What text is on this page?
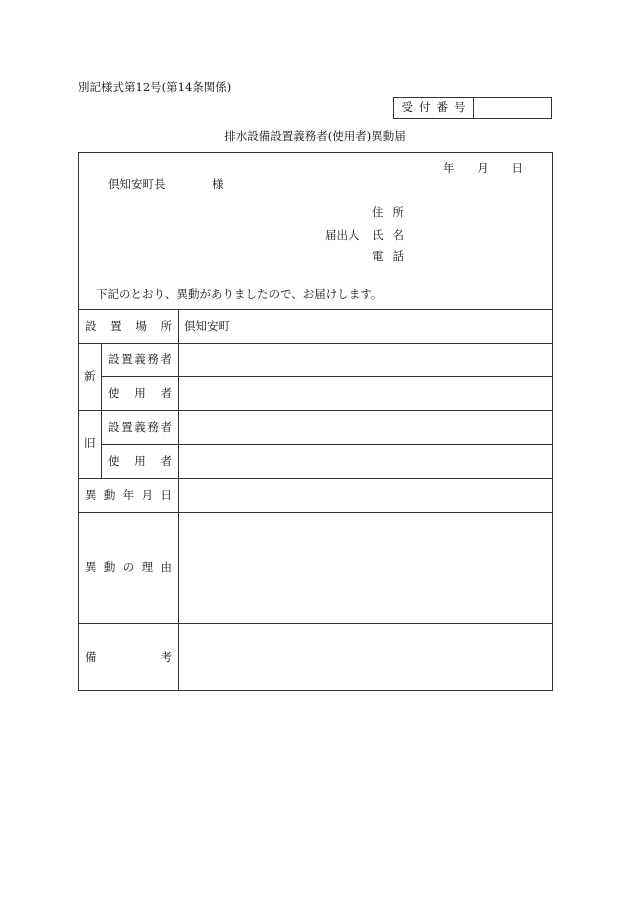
別記様式第12号(第14条関係)
受付番号
排水設備設置義務者(使用者)異動届
年 月 日
倶知安町長	様
住所
届出人 氏名
電話
下記のとおり、異動がありましたので、お届けします。
設置場所 倶知安町
新
設置義務者
使用者
旧
設置義務者
使用者
異動年月日
異動の理由
備考
